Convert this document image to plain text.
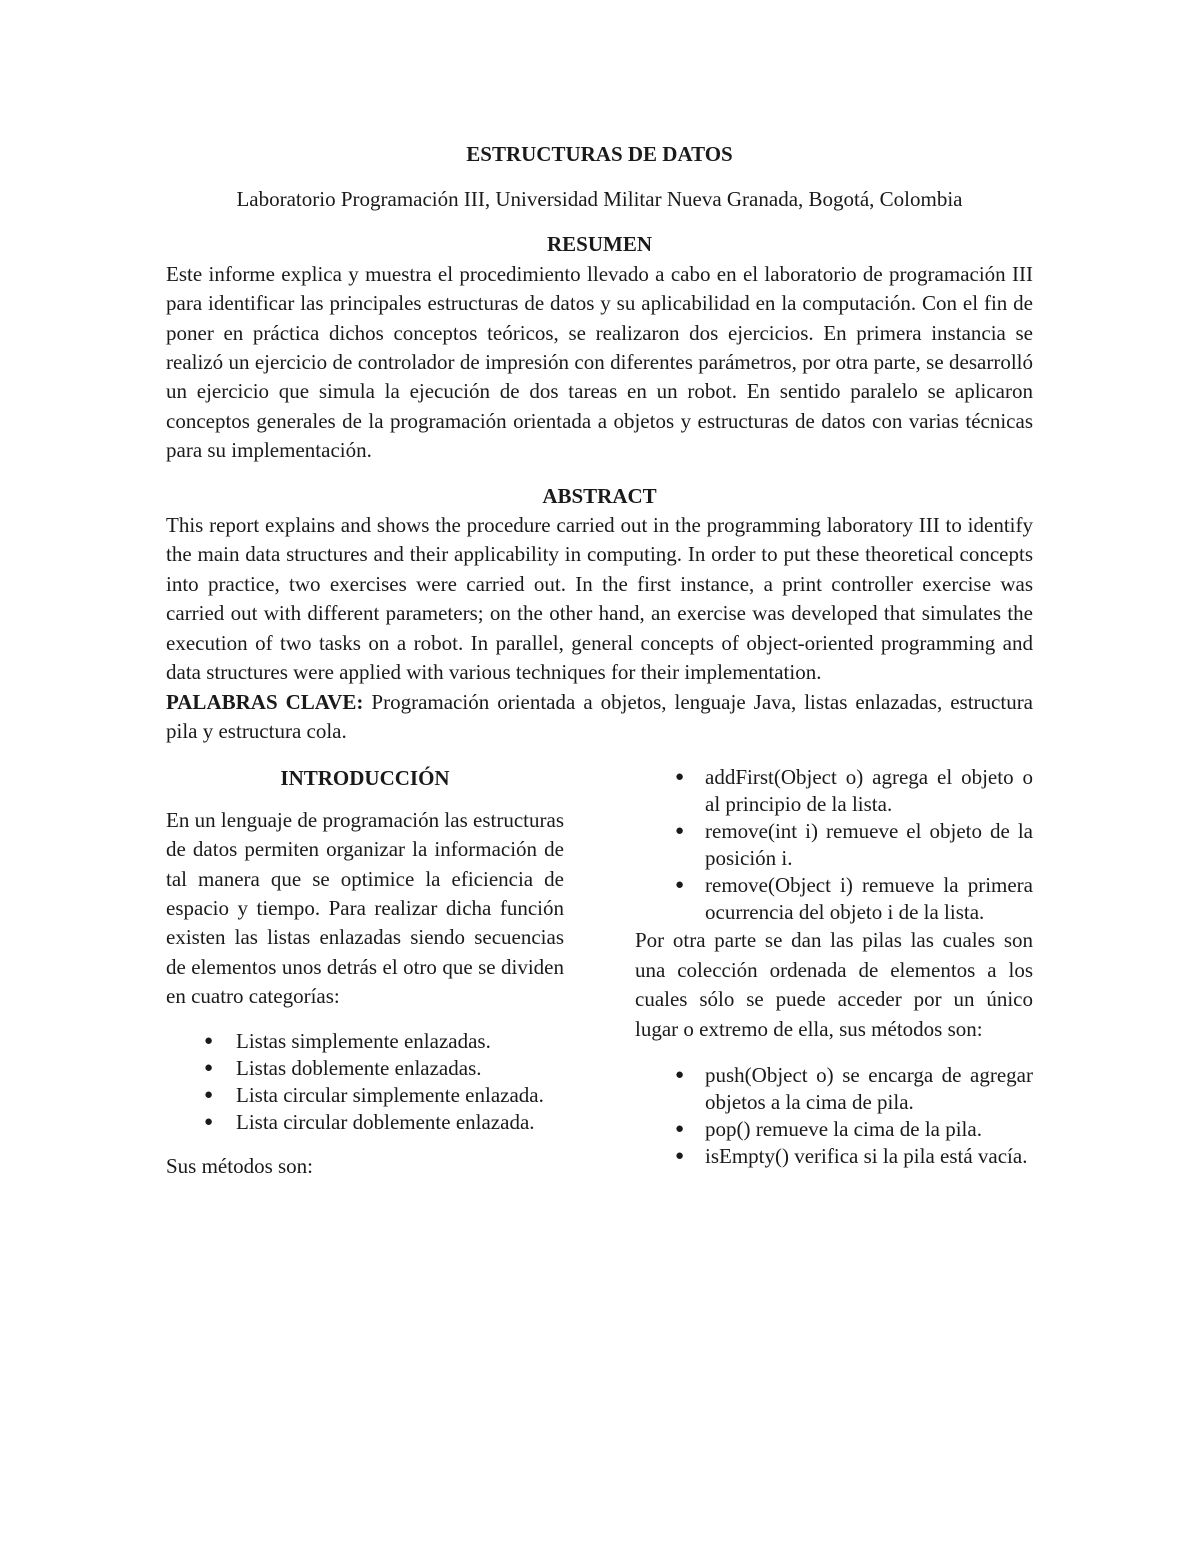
ESTRUCTURAS DE DATOS
Laboratorio Programación III, Universidad Militar Nueva Granada, Bogotá, Colombia
RESUMEN

Este informe explica y muestra el procedimiento llevado a cabo en el laboratorio de programación III para identificar las principales estructuras de datos y su aplicabilidad en la computación. Con el fin de poner en práctica dichos conceptos teóricos, se realizaron dos ejercicios. En primera instancia se realizó un ejercicio de controlador de impresión con diferentes parámetros, por otra parte, se desarrolló un ejercicio que simula la ejecución de dos tareas en un robot. En sentido paralelo se aplicaron conceptos generales de la programación orientada a objetos y estructuras de datos con varias técnicas para su implementación.

ABSTRACT

This report explains and shows the procedure carried out in the programming laboratory III to identify the main data structures and their applicability in computing. In order to put these theoretical concepts into practice, two exercises were carried out. In the first instance, a print controller exercise was carried out with different parameters; on the other hand, an exercise was developed that simulates the execution of two tasks on a robot. In parallel, general concepts of object-oriented programming and data structures were applied with various techniques for their implementation.

PALABRAS CLAVE: Programación orientada a objetos, lenguaje Java, listas enlazadas, estructura pila y estructura cola.

INTRODUCCIÓN

En un lenguaje de programación las estructuras de datos permiten organizar la información de tal manera que se optimice la eficiencia de espacio y tiempo. Para realizar dicha función existen las listas enlazadas siendo secuencias de elementos unos detrás el otro que se dividen en cuatro categorías:

● Listas simplemente enlazadas.
● Listas doblemente enlazadas.
● Lista circular simplemente enlazada.
● Lista circular doblemente enlazada.

Sus métodos son:

● addFirst(Object o) agrega el objeto o al principio de la lista.
● remove(int i) remueve el objeto de la posición i.
● remove(Object i) remueve la primera ocurrencia del objeto i de la lista.

Por otra parte se dan las pilas las cuales son una colección ordenada de elementos a los cuales sólo se puede acceder por un único lugar o extremo de ella, sus métodos son:

● push(Object o) se encarga de agregar objetos a la cima de pila.
● pop() remueve la cima de la pila.
● isEmpty() verifica si la pila está vacía.
